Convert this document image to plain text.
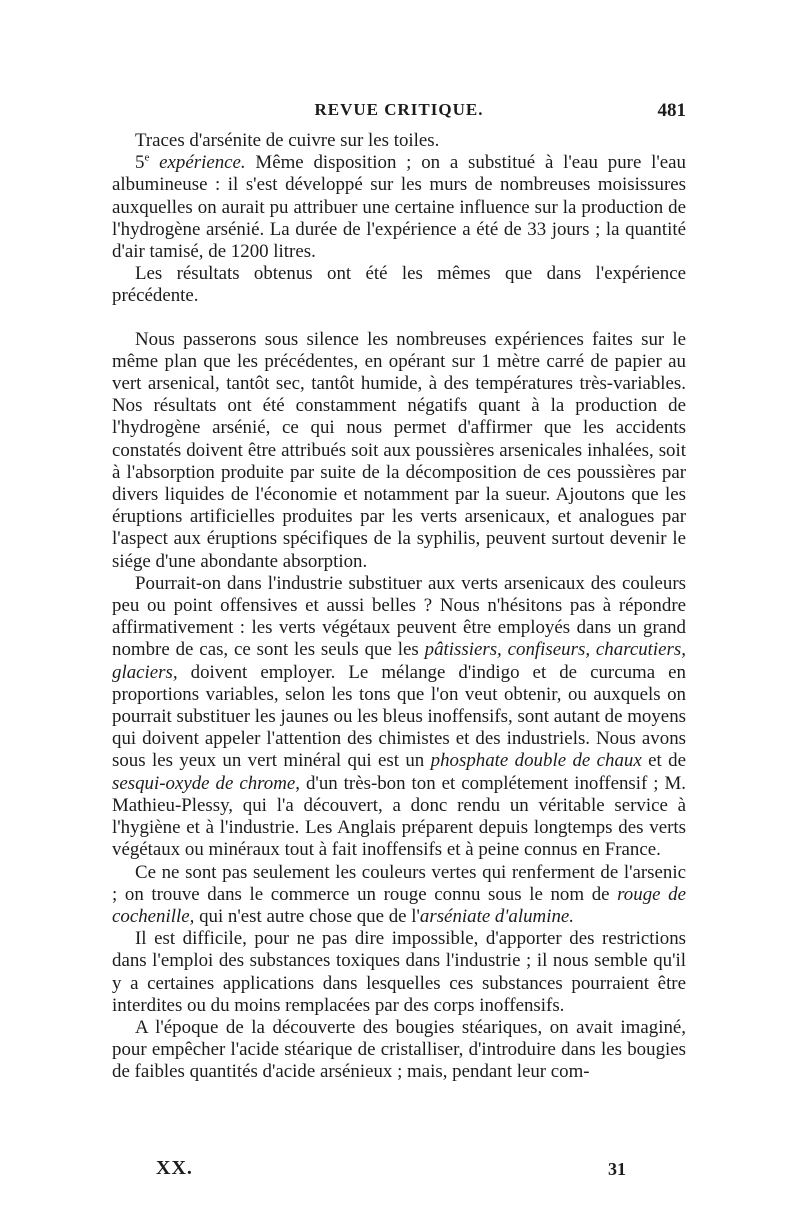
REVUE CRITIQUE.	481

Traces d'arsénite de cuivre sur les toiles.

5e expérience. Même disposition ; on a substitué à l'eau pure l'eau albumineuse : il s'est développé sur les murs de nombreuses moisissures auxquelles on aurait pu attribuer une certaine influence sur la production de l'hydrogène arsénié. La durée de l'expérience a été de 33 jours ; la quantité d'air tamisé, de 1200 litres.

Les résultats obtenus ont été les mêmes que dans l'expérience précédente.

Nous passerons sous silence les nombreuses expériences faites sur le même plan que les précédentes, en opérant sur 1 mètre carré de papier au vert arsenical, tantôt sec, tantôt humide, à des températures très-variables. Nos résultats ont été constamment négatifs quant à la production de l'hydrogène arsénié, ce qui nous permet d'affirmer que les accidents constatés doivent être attribués soit aux poussières arsenicales inhalées, soit à l'absorption produite par suite de la décomposition de ces poussières par divers liquides de l'économie et notamment par la sueur. Ajoutons que les éruptions artificielles produites par les verts arsenicaux, et analogues par l'aspect aux éruptions spécifiques de la syphilis, peuvent surtout devenir le siége d'une abondante absorption.

Pourrait-on dans l'industrie substituer aux verts arsenicaux des couleurs peu ou point offensives et aussi belles ? Nous n'hésitons pas à répondre affirmativement : les verts végétaux peuvent être employés dans un grand nombre de cas, ce sont les seuls que les pâtissiers, confiseurs, charcutiers, glaciers, doivent employer. Le mélange d'indigo et de curcuma en proportions variables, selon les tons que l'on veut obtenir, ou auxquels on pourrait substituer les jaunes ou les bleus inoffensifs, sont autant de moyens qui doivent appeler l'attention des chimistes et des industriels. Nous avons sous les yeux un vert minéral qui est un phosphate double de chaux et de sesqui-oxyde de chrome, d'un très-bon ton et complétement inoffensif ; M. Mathieu-Plessy, qui l'a découvert, a donc rendu un véritable service à l'hygiène et à l'industrie. Les Anglais préparent depuis longtemps des verts végétaux ou minéraux tout à fait inoffensifs et à peine connus en France.

Ce ne sont pas seulement les couleurs vertes qui renferment de l'arsenic ; on trouve dans le commerce un rouge connu sous le nom de rouge de cochenille, qui n'est autre chose que de l'arséniate d'alumine.

Il est difficile, pour ne pas dire impossible, d'apporter des restrictions dans l'emploi des substances toxiques dans l'industrie ; il nous semble qu'il y a certaines applications dans lesquelles ces substances pourraient être interdites ou du moins remplacées par des corps inoffensifs.

A l'époque de la découverte des bougies stéariques, on avait imaginé, pour empêcher l'acide stéarique de cristalliser, d'introduire dans les bougies de faibles quantités d'acide arsénieux ; mais, pendant leur com-

XX.	31
